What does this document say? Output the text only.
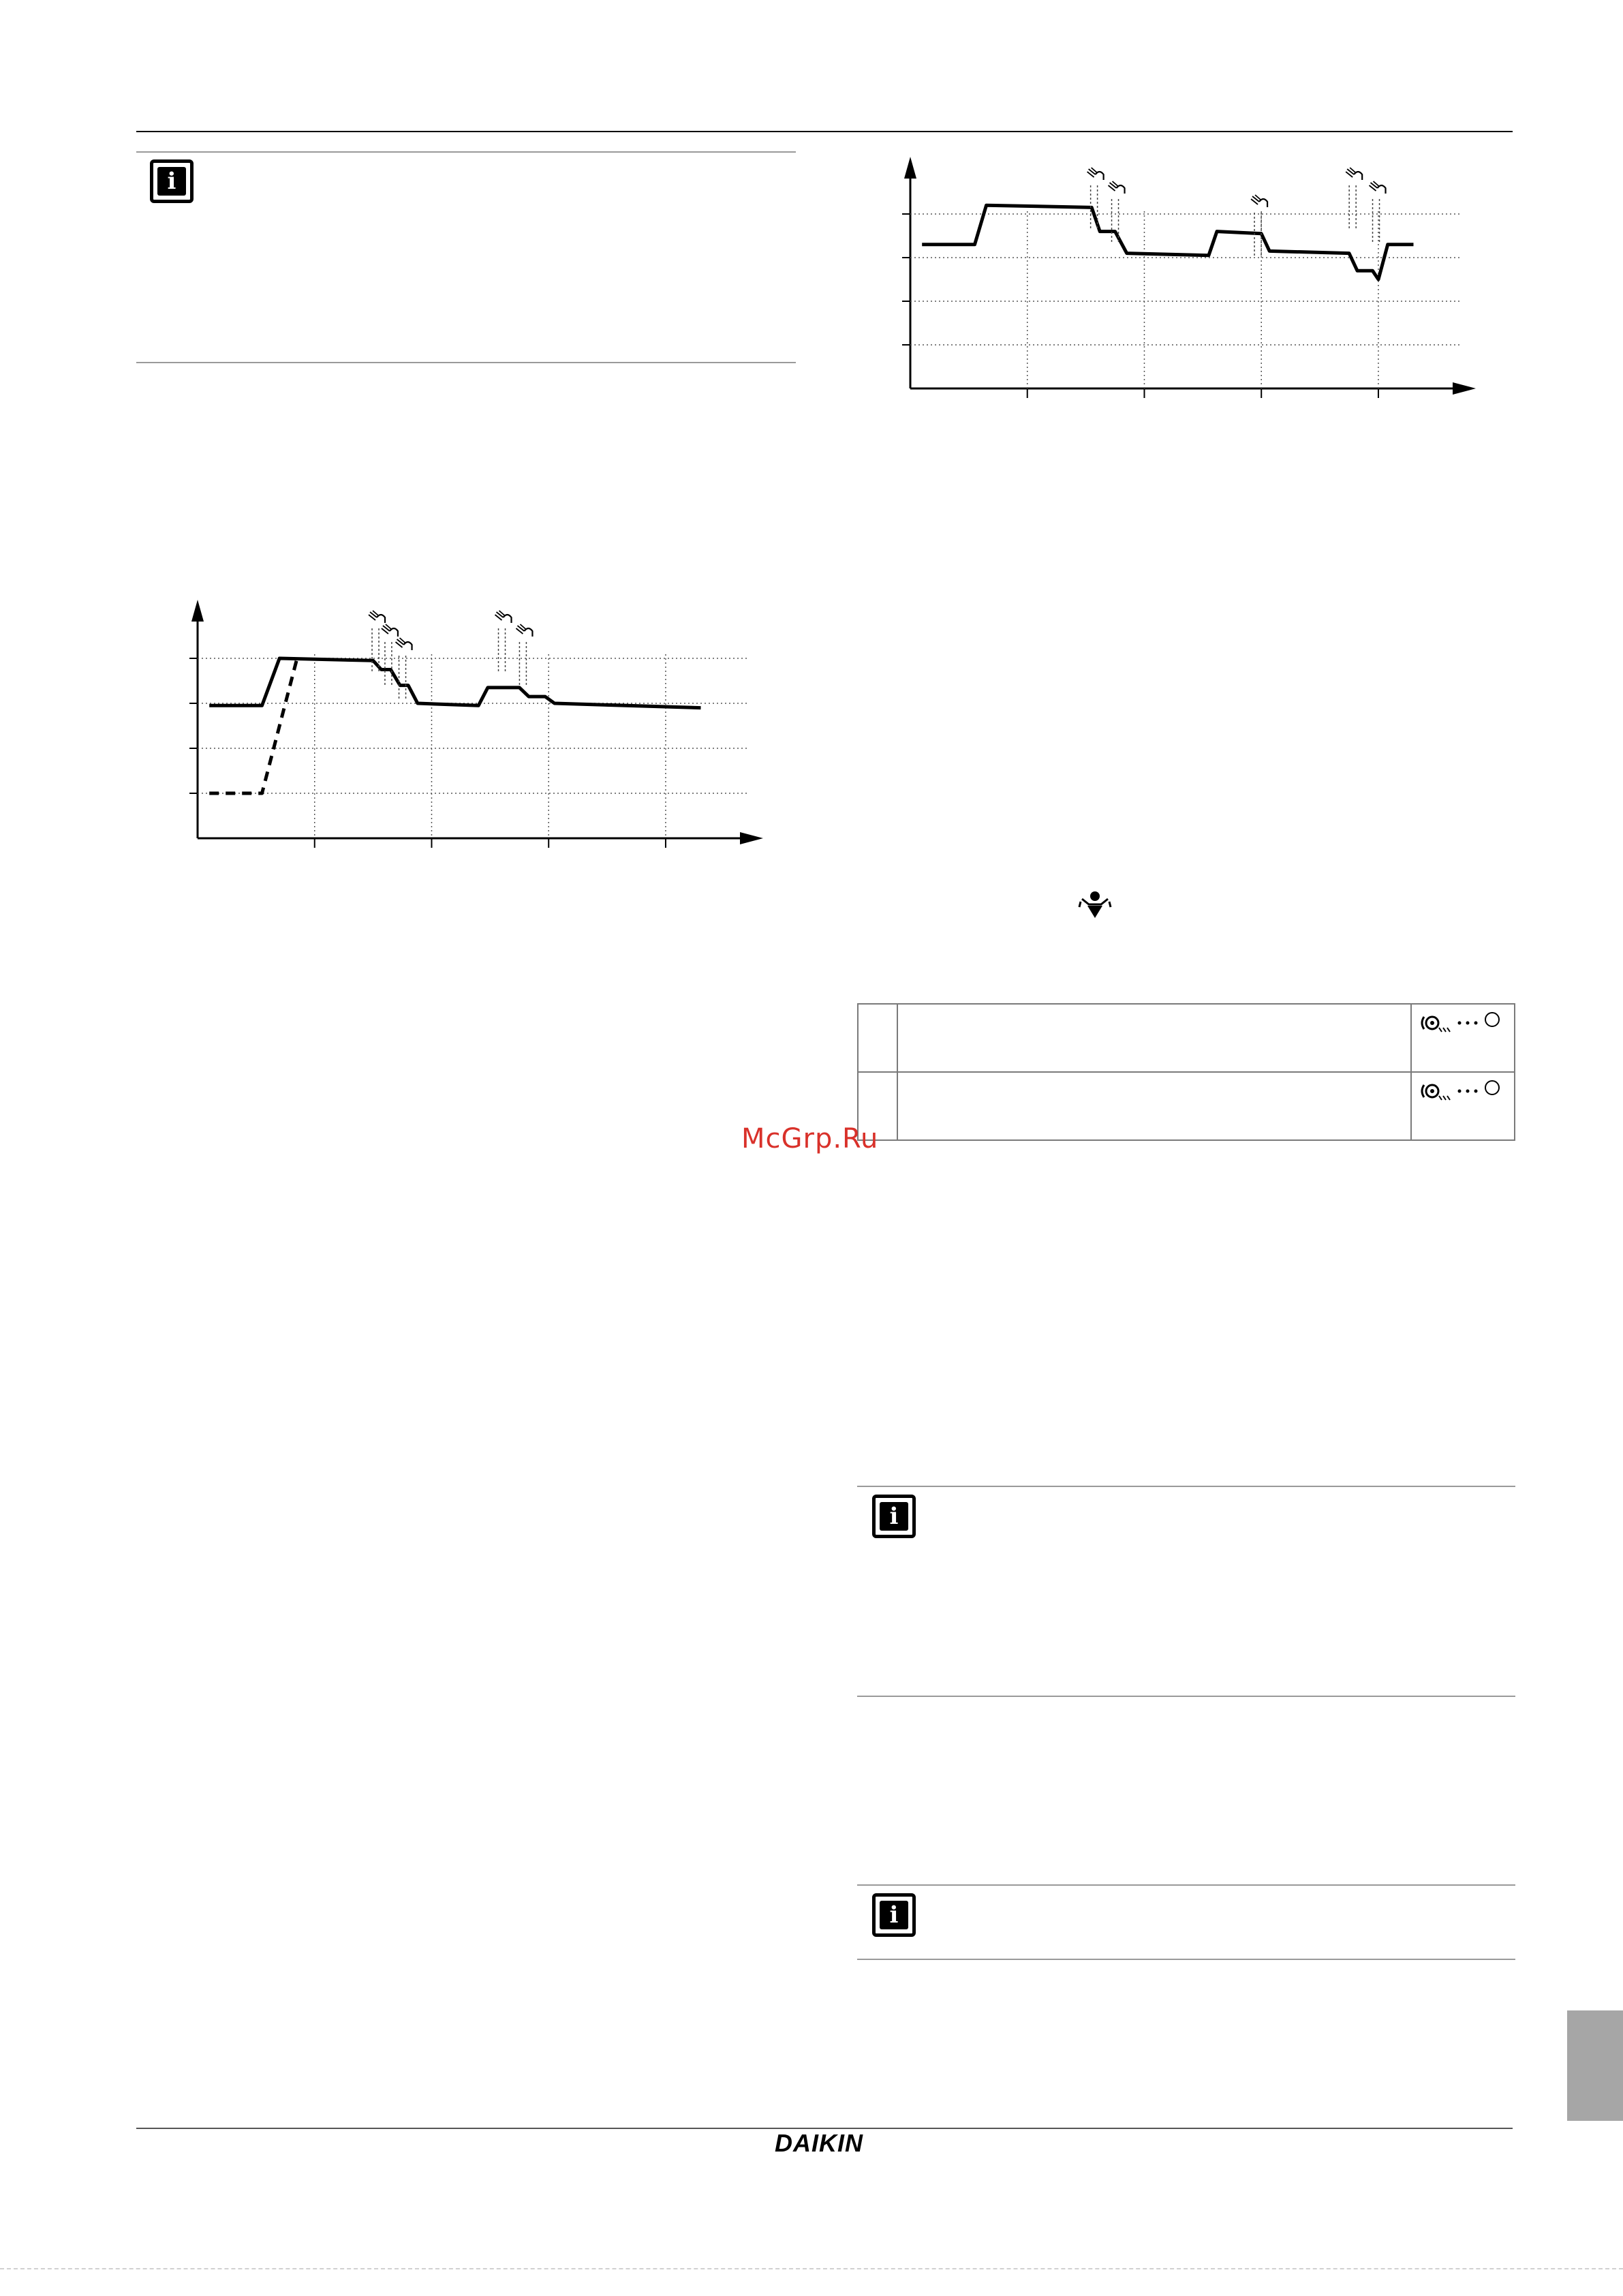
i

McGrp.Ru
i
i
DAIKIN
